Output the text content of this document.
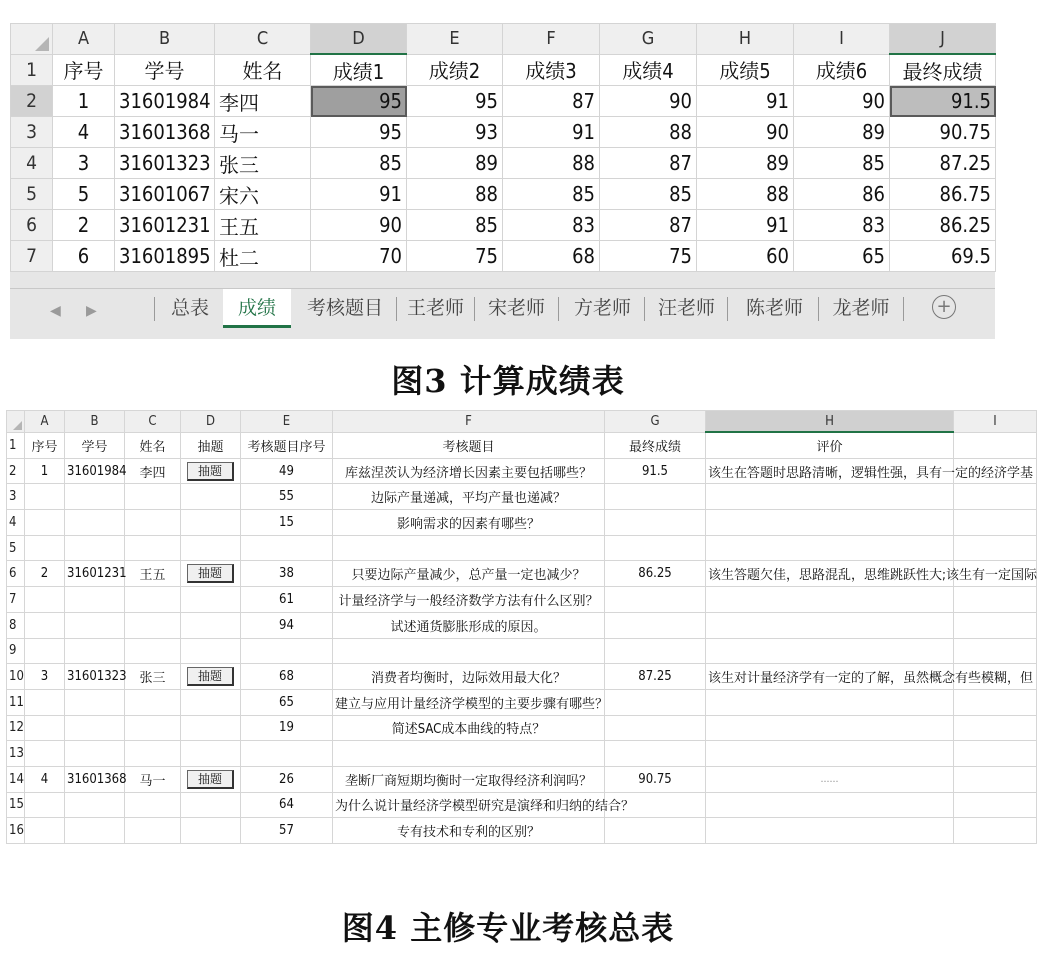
	A	B	C	D	E	F	G	H	I	J
1	序号	学号	姓名	成绩1	成绩2	成绩3	成绩4	成绩5	成绩6	最终成绩
2	1	31601984	李四	95	95	87	90	91	90	91.5
3	4	31601368	马一	95	93	91	88	90	89	90.75
4	3	31601323	张三	85	89	88	87	89	85	87.25
5	5	31601067	宋六	91	88	85	85	88	86	86.75
6	2	31601231	王五	90	85	83	87	91	83	86.25
7	6	31601895	杜二	70	75	68	75	60	65	69.5
◀ ▶	总表	成绩	考核题目	王老师	宋老师	方老师	汪老师	陈老师	龙老师	+
图3 计算成绩表
	A	B	C	D	E	F	G	H	I
1	序号	学号	姓名	抽题	考核题目序号	考核题目	最终成绩	评价	
2	1	31601984	李四	抽题	49	库兹涅茨认为经济增长因素主要包括哪些？	91.5	该生在答题时思路清晰，逻辑性强，具有一定的经济学基	
3					55	边际产量递减，平均产量也递减？			
4					15	影响需求的因素有哪些？			
5									
6	2	31601231	王五	抽题	38	只要边际产量减少，总产量一定也减少？	86.25	该生答题欠佳，思路混乱，思维跳跃性大;该生有一定国际	
7					61	计量经济学与一般经济数学方法有什么区别？			
8					94	试述通货膨胀形成的原因。			
9									
10	3	31601323	张三	抽题	68	消费者均衡时，边际效用最大化？	87.25	该生对计量经济学有一定的了解，虽然概念有些模糊，但	
11					65	建立与应用计量经济学模型的主要步骤有哪些？			
12					19	简述SAC成本曲线的特点？			
13									
14	4	31601368	马一	抽题	26	垄断厂商短期均衡时一定取得经济利润吗？	90.75	……	
15					64	为什么说计量经济学模型研究是演绎和归纳的结合？			
16					57	专有技术和专利的区别？			
图4 主修专业考核总表
